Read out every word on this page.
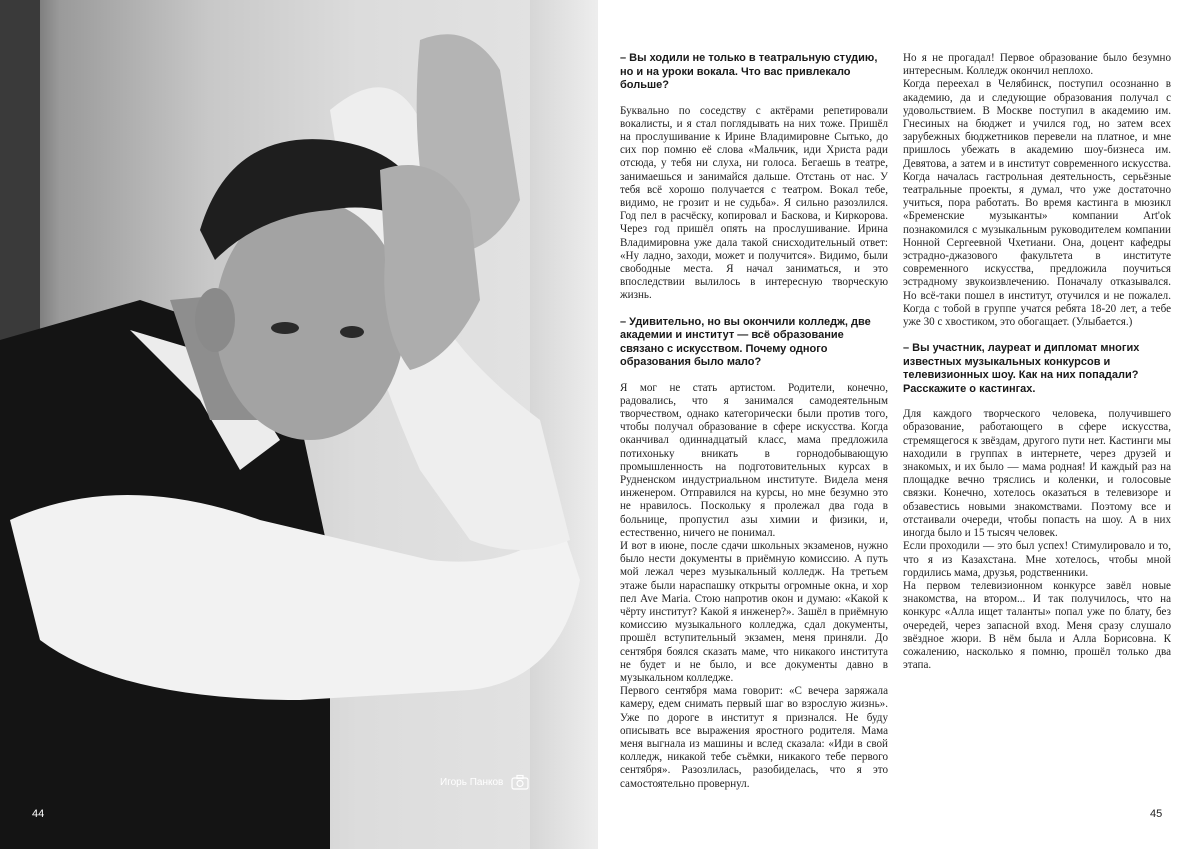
Игорь Панков
44

– Вы ходили не только в театральную студию, но и на уроки вокала. Что вас привлекало больше?

Буквально по соседству с актёрами репетировали вокалисты, и я стал поглядывать на них тоже. Пришёл на прослушивание к Ирине Владимировне Сытько, до сих пор помню её слова «Мальчик, иди Христа ради отсюда, у тебя ни слуха, ни голоса. Бегаешь в театре, занимаешься и занимайся дальше. Отстань от нас. У тебя всё хорошо получается с театром. Вокал тебе, видимо, не грозит и не судьба». Я сильно разозлился. Год пел в расчёску, копировал и Баскова, и Киркорова. Через год пришёл опять на прослушивание. Ирина Владимировна уже дала такой снисходительный ответ: «Ну ладно, заходи, может и получится». Видимо, были свободные места. Я начал заниматься, и это впоследствии вылилось в интересную творческую жизнь.

– Удивительно, но вы окончили колледж, две академии и институт — всё образование связано с искусством. Почему одного образования было мало?

Я мог не стать артистом. Родители, конечно, радовались, что я занимался самодеятельным творчеством, однако категорически были против того, чтобы получал образование в сфере искусства. Когда оканчивал одиннадцатый класс, мама предложила потихоньку вникать в горнодобывающую промышленность на подготовительных курсах в Рудненском индустриальном институте. Видела меня инженером. Отправился на курсы, но мне безумно это не нравилось. Поскольку я пролежал два года в больнице, пропустил азы химии и физики, и, естественно, ничего не понимал.

И вот в июне, после сдачи школьных экзаменов, нужно было нести документы в приёмную комиссию. А путь мой лежал через музыкальный колледж. На третьем этаже были нараспашку открыты огромные окна, и хор пел Ave Maria. Стою напротив окон и думаю: «Какой к чёрту институт? Какой я инженер?». Зашёл в приёмную комиссию музыкального колледжа, сдал документы, прошёл вступительный экзамен, меня приняли. До сентября боялся сказать маме, что никакого института не будет и не было, и все документы давно в музыкальном колледже.

Первого сентября мама говорит: «С вечера заряжала камеру, едем снимать первый шаг во взрослую жизнь». Уже по дороге в институт я признался. Не буду описывать все выражения яростного родителя. Мама меня выгнала из машины и вслед сказала: «Иди в свой колледж, никакой тебе съёмки, никакого тебе первого сентября». Разозлилась, разобиделась, что я это самостоятельно провернул.

Но я не прогадал! Первое образование было безумно интересным. Колледж окончил неплохо.

Когда переехал в Челябинск, поступил осознанно в академию, да и следующие образования получал с удовольствием. В Москве поступил в академию им. Гнесиных на бюджет и учился год, но затем всех зарубежных бюджетников перевели на платное, и мне пришлось убежать в академию шоу-бизнеса им. Девятова, а затем и в институт современного искусства. Когда началась гастрольная деятельность, серьёзные театральные проекты, я думал, что уже достаточно учиться, пора работать. Во время кастинга в мюзикл «Бременские музыканты» компании Art'ok познакомился с музыкальным руководителем компании Нонной Сергеевной Чхетиани. Она, доцент кафедры эстрадно-джазового факультета в институте современного искусства, предложила поучиться эстрадному звукоизвлечению. Поначалу отказывался. Но всё-таки пошел в институт, отучился и не пожалел. Когда с тобой в группе учатся ребята 18-20 лет, а тебе уже 30 с хвостиком, это обогащает. (Улыбается.)

– Вы участник, лауреат и дипломат многих известных музыкальных конкурсов и телевизионных шоу. Как на них попадали? Расскажите о кастингах.

Для каждого творческого человека, получившего образование, работающего в сфере искусства, стремящегося к звёздам, другого пути нет. Кастинги мы находили в группах в интернете, через друзей и знакомых, и их было — мама родная! И каждый раз на площадке вечно тряслись и коленки, и голосовые связки. Конечно, хотелось оказаться в телевизоре и обзавестись новыми знакомствами. Поэтому все и отстаивали очереди, чтобы попасть на шоу. А в них иногда было и 15 тысяч человек.

Если проходили — это был успех! Стимулировало и то, что я из Казахстана. Мне хотелось, чтобы мной гордились мама, друзья, родственники.

На первом телевизионном конкурсе завёл новые знакомства, на втором... И так получилось, что на конкурс «Алла ищет таланты» попал уже по блату, без очередей, через запасной вход. Меня сразу слушало звёздное жюри. В нём была и Алла Борисовна. К сожалению, насколько я помню, прошёл только два этапа.

45
